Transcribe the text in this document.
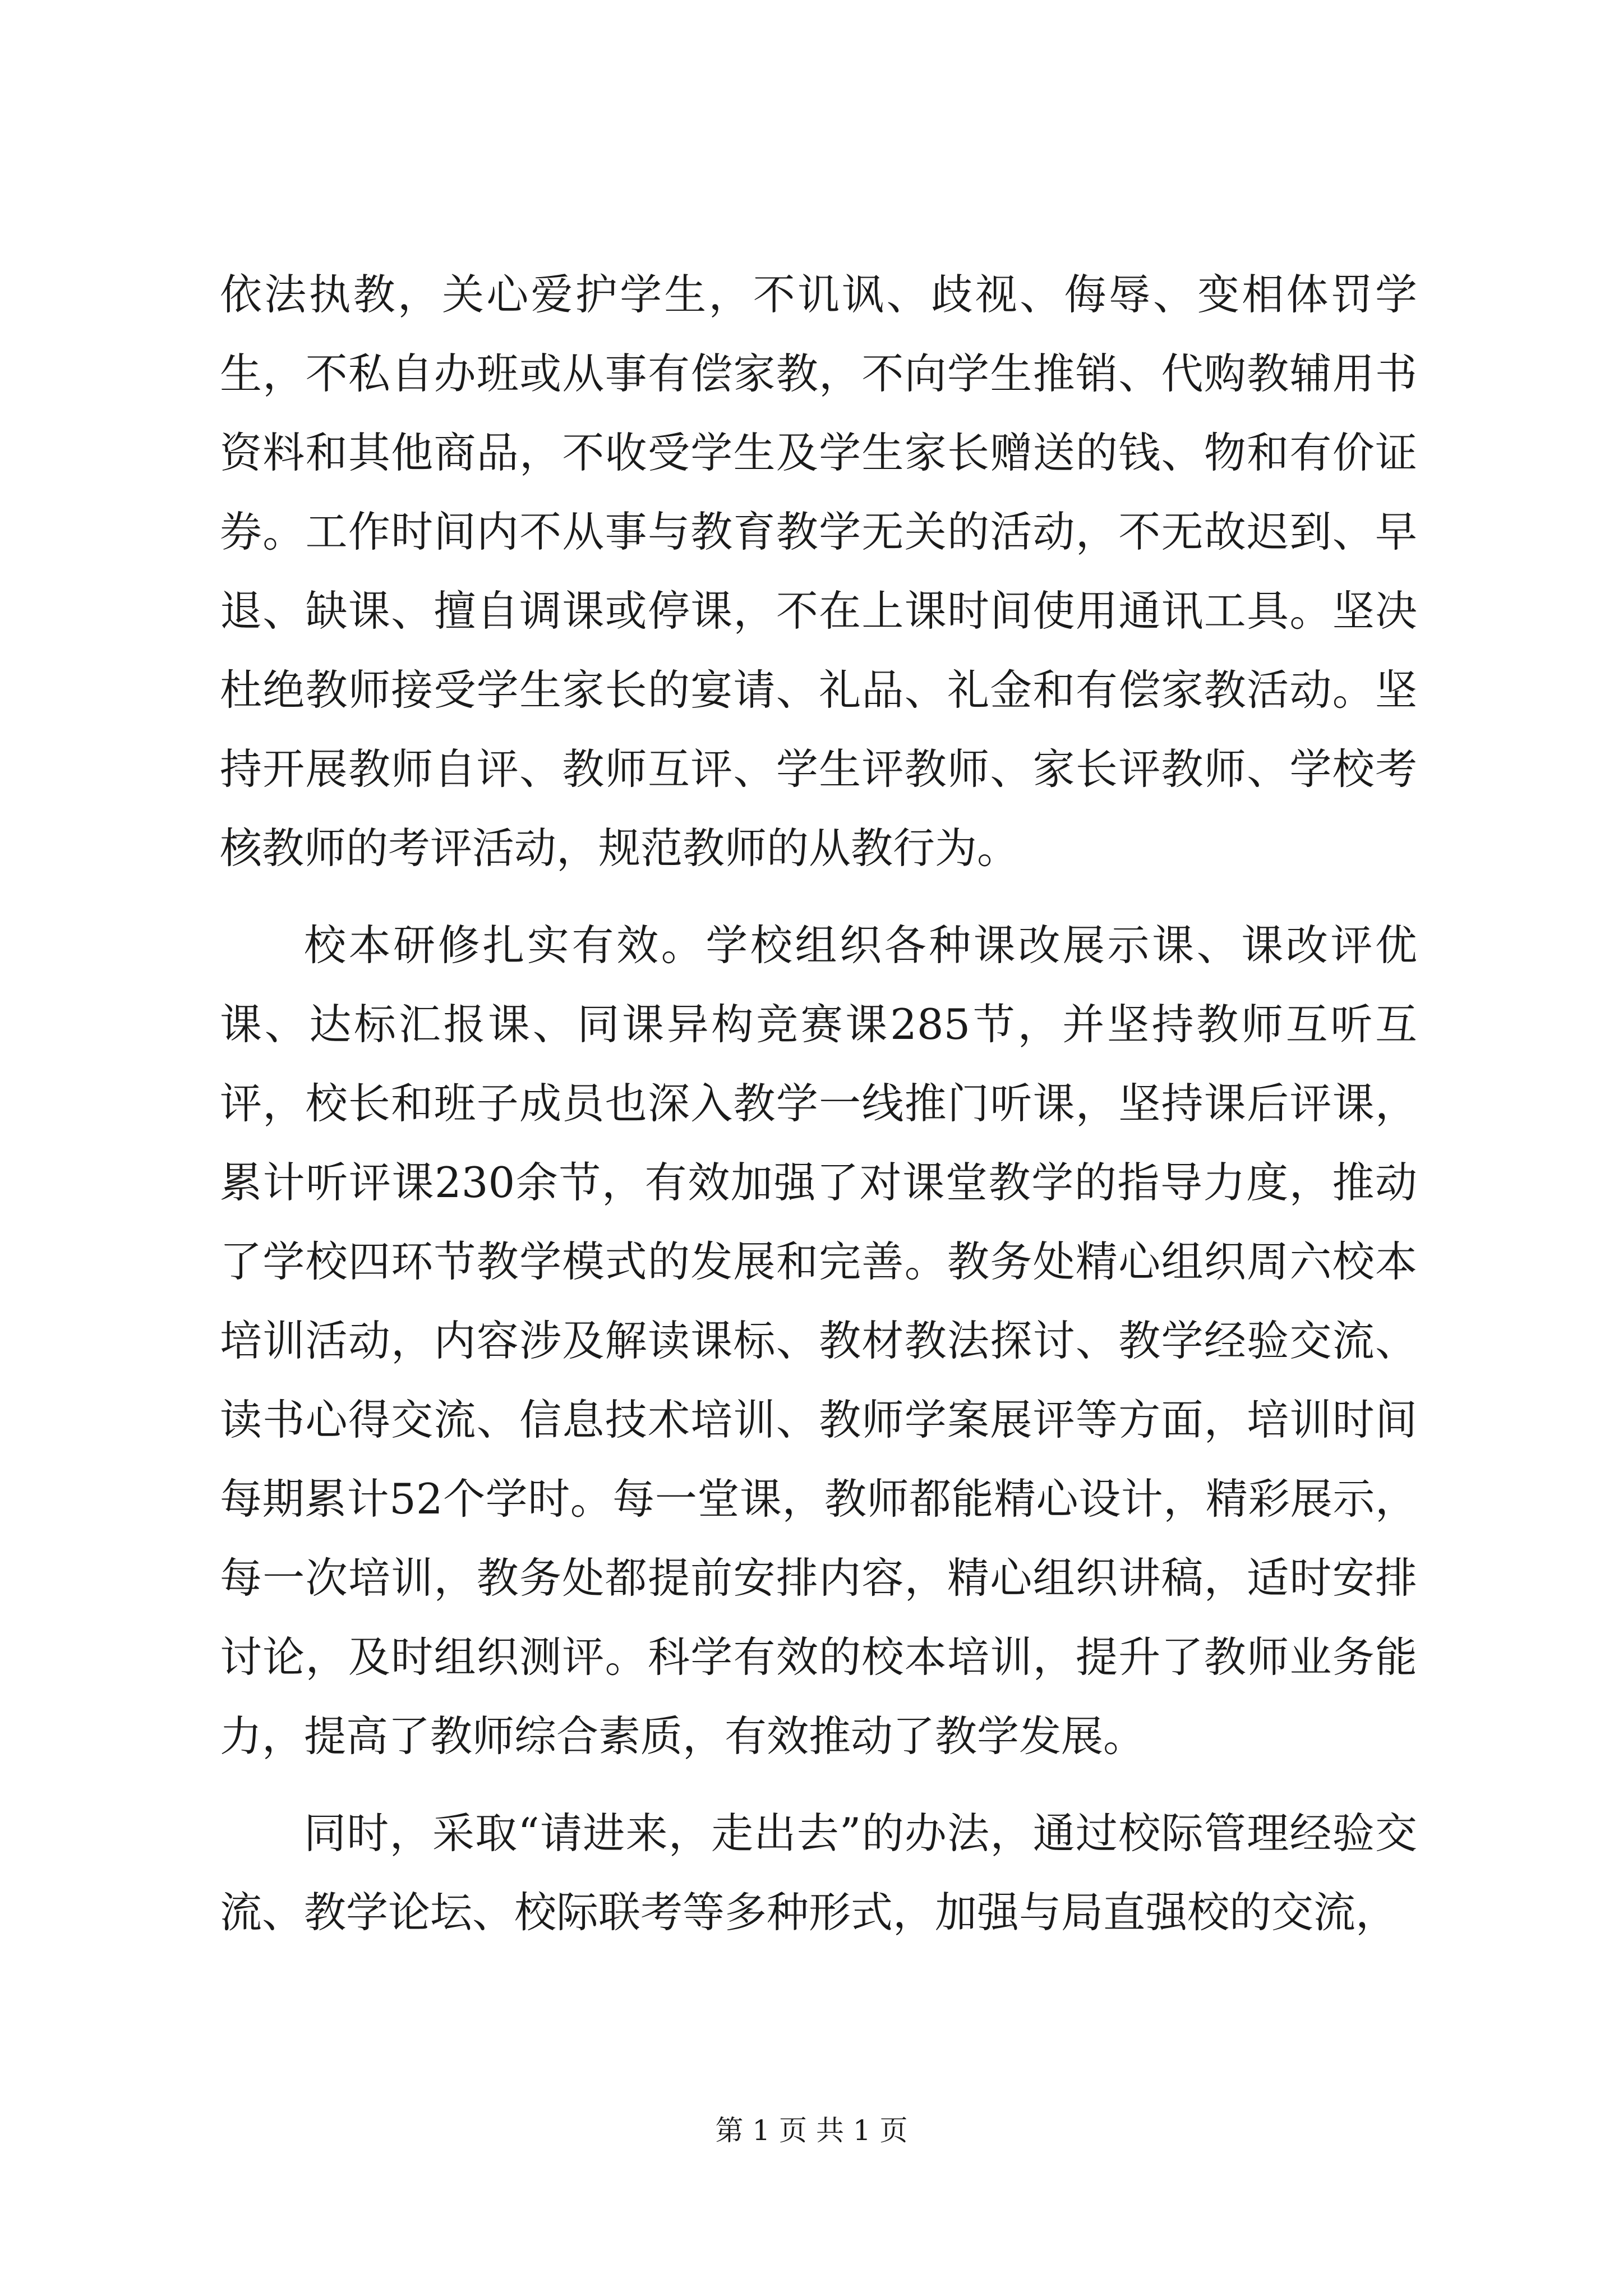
依法执教，关心爱护学生，不讥讽、歧视、侮辱、变相体罚学生，不私自办班或从事有偿家教，不向学生推销、代购教辅用书资料和其他商品，不收受学生及学生家长赠送的钱、物和有价证券。工作时间内不从事与教育教学无关的活动，不无故迟到、早退、缺课、擅自调课或停课，不在上课时间使用通讯工具。坚决杜绝教师接受学生家长的宴请、礼品、礼金和有偿家教活动。坚持开展教师自评、教师互评、学生评教师、家长评教师、学校考核教师的考评活动，规范教师的从教行为。

校本研修扎实有效。学校组织各种课改展示课、课改评优课、达标汇报课、同课异构竞赛课285节，并坚持教师互听互评，校长和班子成员也深入教学一线推门听课，坚持课后评课，累计听评课230余节，有效加强了对课堂教学的指导力度，推动了学校四环节教学模式的发展和完善。教务处精心组织周六校本培训活动，内容涉及解读课标、教材教法探讨、教学经验交流、读书心得交流、信息技术培训、教师学案展评等方面，培训时间每期累计52个学时。每一堂课，教师都能精心设计，精彩展示，每一次培训，教务处都提前安排内容，精心组织讲稿，适时安排讨论，及时组织测评。科学有效的校本培训，提升了教师业务能力，提高了教师综合素质，有效推动了教学发展。

同时，采取“请进来，走出去”的办法，通过校际管理经验交流、教学论坛、校际联考等多种形式，加强与局直强校的交流，

第 1 页 共 1 页
